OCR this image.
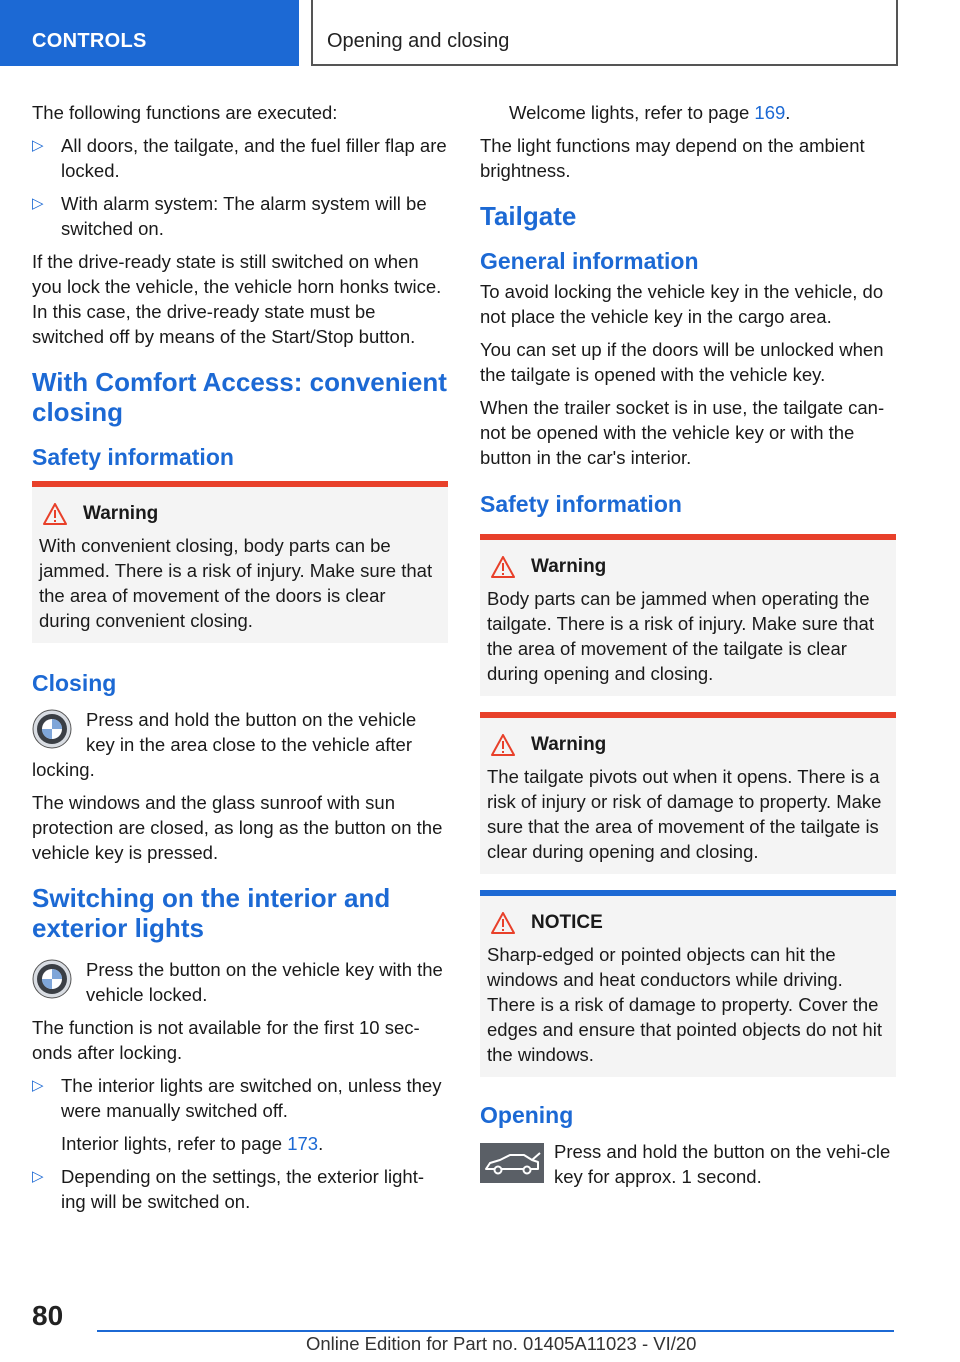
CONTROLS	Opening and closing

The following functions are executed:

▷ All doors, the tailgate, and the fuel filler flap are locked.
▷ With alarm system: The alarm system will be switched on.

If the drive-ready state is still switched on when you lock the vehicle, the vehicle horn honks twice. In this case, the drive-ready state must be switched off by means of the Start/Stop button.

With Comfort Access: convenient closing
Safety information
Warning

With convenient closing, body parts can be jammed. There is a risk of injury. Make sure that the area of movement of the doors is clear during convenient closing.

Closing

Press and hold the button on the vehicle key in the area close to the vehicle after locking.

The windows and the glass sunroof with sun protection are closed, as long as the button on the vehicle key is pressed.

Switching on the interior and exterior lights

Press the button on the vehicle key with the vehicle locked.

The function is not available for the first 10 sec‐onds after locking.

▷ The interior lights are switched on, unless they were manually switched off.
Interior lights, refer to page 173.
▷ Depending on the settings, the exterior light‐ing will be switched on.
Welcome lights, refer to page 169.

The light functions may depend on the ambient brightness.

Tailgate
General information

To avoid locking the vehicle key in the vehicle, do not place the vehicle key in the cargo area.

You can set up if the doors will be unlocked when the tailgate is opened with the vehicle key.

When the trailer socket is in use, the tailgate can‐not be opened with the vehicle key or with the button in the car's interior.

Safety information
Warning

Body parts can be jammed when operating the tailgate. There is a risk of injury. Make sure that the area of movement of the tailgate is clear during opening and closing.

Warning

The tailgate pivots out when it opens. There is a risk of injury or risk of damage to property. Make sure that the area of movement of the tailgate is clear during opening and closing.

NOTICE

Sharp-edged or pointed objects can hit the windows and heat conductors while driving. There is a risk of damage to property. Cover the edges and ensure that pointed objects do not hit the windows.

Opening

Press and hold the button on the vehi‐cle key for approx. 1 second.

80
Online Edition for Part no. 01405A11023 - VI/20
